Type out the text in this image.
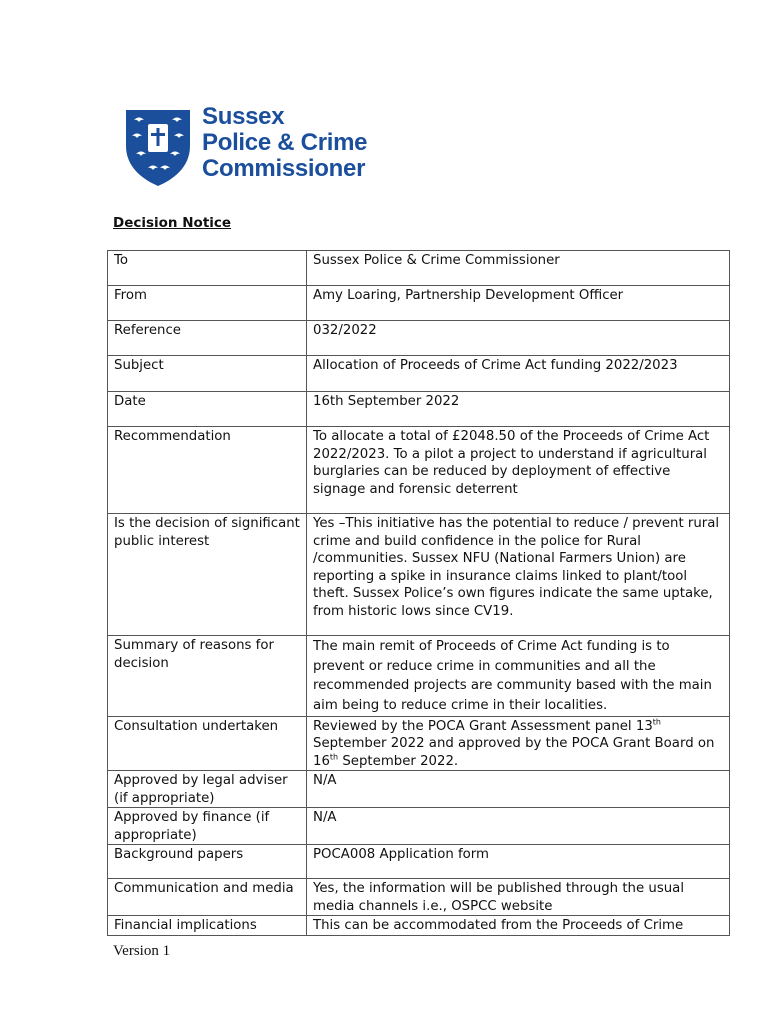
Sussex
Police & Crime
Commissioner
Decision Notice
To	Sussex Police & Crime Commissioner
From	Amy Loaring, Partnership Development Officer
Reference	032/2022
Subject	Allocation of Proceeds of Crime Act funding 2022/2023
Date	16th September 2022
Recommendation	To allocate a total of £2048.50 of the Proceeds of Crime Act 2022/2023. To a pilot a project to understand if agricultural burglaries can be reduced by deployment of effective signage and forensic deterrent
Is the decision of significant public interest	Yes –This initiative has the potential to reduce / prevent rural crime and build confidence in the police for Rural /communities. Sussex NFU (National Farmers Union) are reporting a spike in insurance claims linked to plant/tool theft. Sussex Police’s own figures indicate the same uptake, from historic lows since CV19.
Summary of reasons for decision	The main remit of Proceeds of Crime Act funding is to prevent or reduce crime in communities and all the recommended projects are community based with the main aim being to reduce crime in their localities.
Consultation undertaken	Reviewed by the POCA Grant Assessment panel 13th September 2022 and approved by the POCA Grant Board on 16th September 2022.
Approved by legal adviser (if appropriate)	N/A
Approved by finance (if appropriate)	N/A
Background papers	POCA008 Application form
Communication and media	Yes, the information will be published through the usual media channels i.e., OSPCC website
Financial implications	This can be accommodated from the Proceeds of Crime
Version 1
